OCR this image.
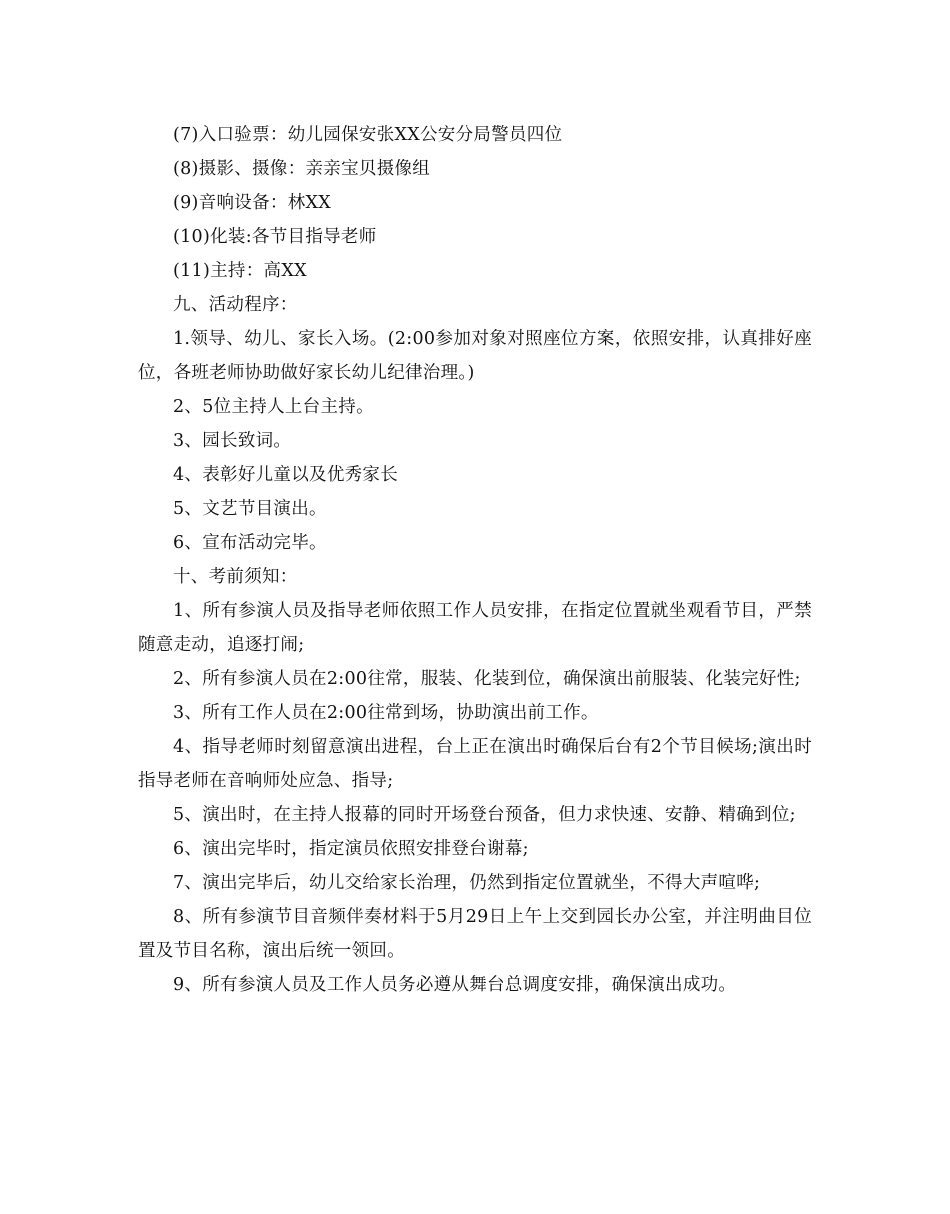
(7)入口验票：幼儿园保安张XX公安分局警员四位

(8)摄影、摄像：亲亲宝贝摄像组

(9)音响设备：林XX

(10)化装:各节目指导老师

(11)主持：高XX

九、活动程序：

1.领导、幼儿、家长入场。(2:00参加对象对照座位方案，依照安排，认真排好座位，各班老师协助做好家长幼儿纪律治理。)

2、5位主持人上台主持。

3、园长致词。

4、表彰好儿童以及优秀家长

5、文艺节目演出。

6、宣布活动完毕。

十、考前须知：

1、所有参演人员及指导老师依照工作人员安排，在指定位置就坐观看节目，严禁随意走动，追逐打闹;

2、所有参演人员在2:00往常，服装、化装到位，确保演出前服装、化装完好性;

3、所有工作人员在2:00往常到场，协助演出前工作。

4、指导老师时刻留意演出进程，台上正在演出时确保后台有2个节目候场;演出时指导老师在音响师处应急、指导;

5、演出时，在主持人报幕的同时开场登台预备，但力求快速、安静、精确到位;

6、演出完毕时，指定演员依照安排登台谢幕;

7、演出完毕后，幼儿交给家长治理，仍然到指定位置就坐，不得大声喧哗;

8、所有参演节目音频伴奏材料于5月29日上午上交到园长办公室，并注明曲目位置及节目名称，演出后统一领回。

9、所有参演人员及工作人员务必遵从舞台总调度安排，确保演出成功。
